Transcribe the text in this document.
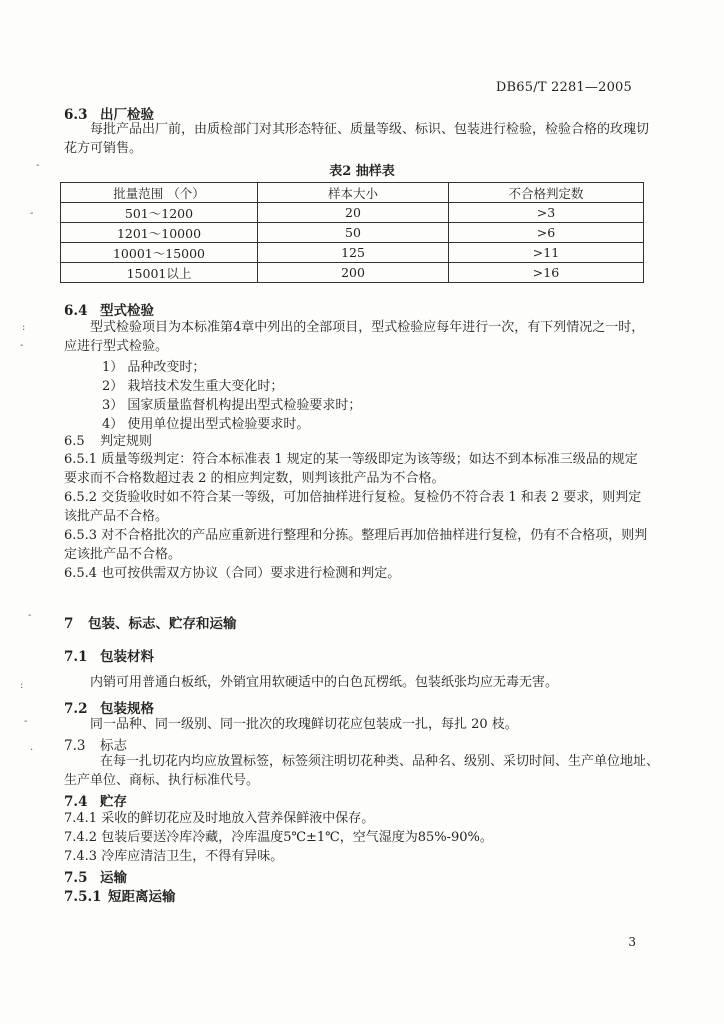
DB65/T 2281—2005
6.3 出厂检验
每批产品出厂前，由质检部门对其形态特征、质量等级、标识、包装进行检验，检验合格的玫瑰切
花方可销售。
表2 抽样表
批量范围 （个）	样本大小	不合格判定数
501～1200	20	>3
1201～10000	50	>6
10001～15000	125	>11
15001以上	200	>16
6.4 型式检验
型式检验项目为本标准第4章中列出的全部项目，型式检验应每年进行一次，有下列情况之一时，
应进行型式检验。
1） 品种改变时；
2） 栽培技术发生重大变化时；
3） 国家质量监督机构提出型式检验要求时；
4） 使用单位提出型式检验要求时。
6.5 判定规则
6.5.1 质量等级判定：符合本标准表 1 规定的某一等级即定为该等级；如达不到本标准三级品的规定
要求而不合格数超过表 2 的相应判定数，则判该批产品为不合格。
6.5.2 交货验收时如不符合某一等级，可加倍抽样进行复检。复检仍不符合表 1 和表 2 要求，则判定
该批产品不合格。
6.5.3 对不合格批次的产品应重新进行整理和分拣。整理后再加倍抽样进行复检，仍有不合格项，则判
定该批产品不合格。
6.5.4 也可按供需双方协议（合同）要求进行检测和判定。
7 包装、标志、贮存和运输
7.1 包装材料
内销可用普通白板纸，外销宜用软硬适中的白色瓦楞纸。包装纸张均应无毒无害。
7.2 包装规格
同一品种、同一级别、同一批次的玫瑰鲜切花应包装成一扎，每扎 20 枝。
7.3 标志
在每一扎切花内均应放置标签，标签须注明切花种类、品种名、级别、采切时间、生产单位地址、
生产单位、商标、执行标准代号。
7.4 贮存
7.4.1 采收的鲜切花应及时地放入营养保鲜液中保存。
7.4.2 包装后要送冷库冷藏，冷库温度5℃±1℃，空气湿度为85%-90%。
7.4.3 冷库应清洁卫生，不得有异味。
7.5 运输
7.5.1 短距离运输
3
-
-
:
-
-
:
-
.
